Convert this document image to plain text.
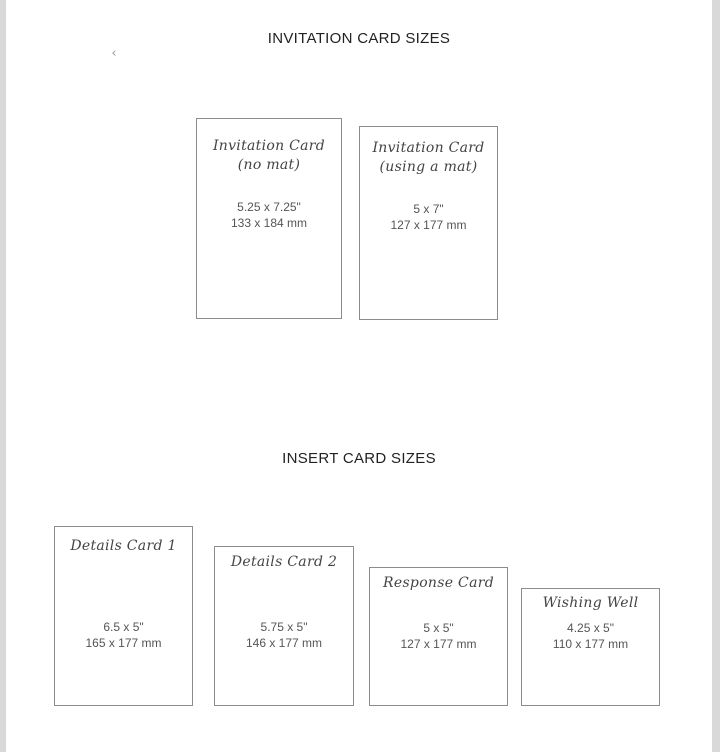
‹
INVITATION CARD SIZES
Invitation Card
(no mat)
5.25 x 7.25"
133 x 184 mm
Invitation Card
(using a mat)
5 x 7"
127 x 177 mm
INSERT CARD SIZES
Details Card 1
6.5 x 5"
165 x 177 mm
Details Card 2
5.75 x 5"
146 x 177 mm
Response Card
5 x 5"
127 x 177 mm
Wishing Well
4.25 x 5"
110 x 177 mm
